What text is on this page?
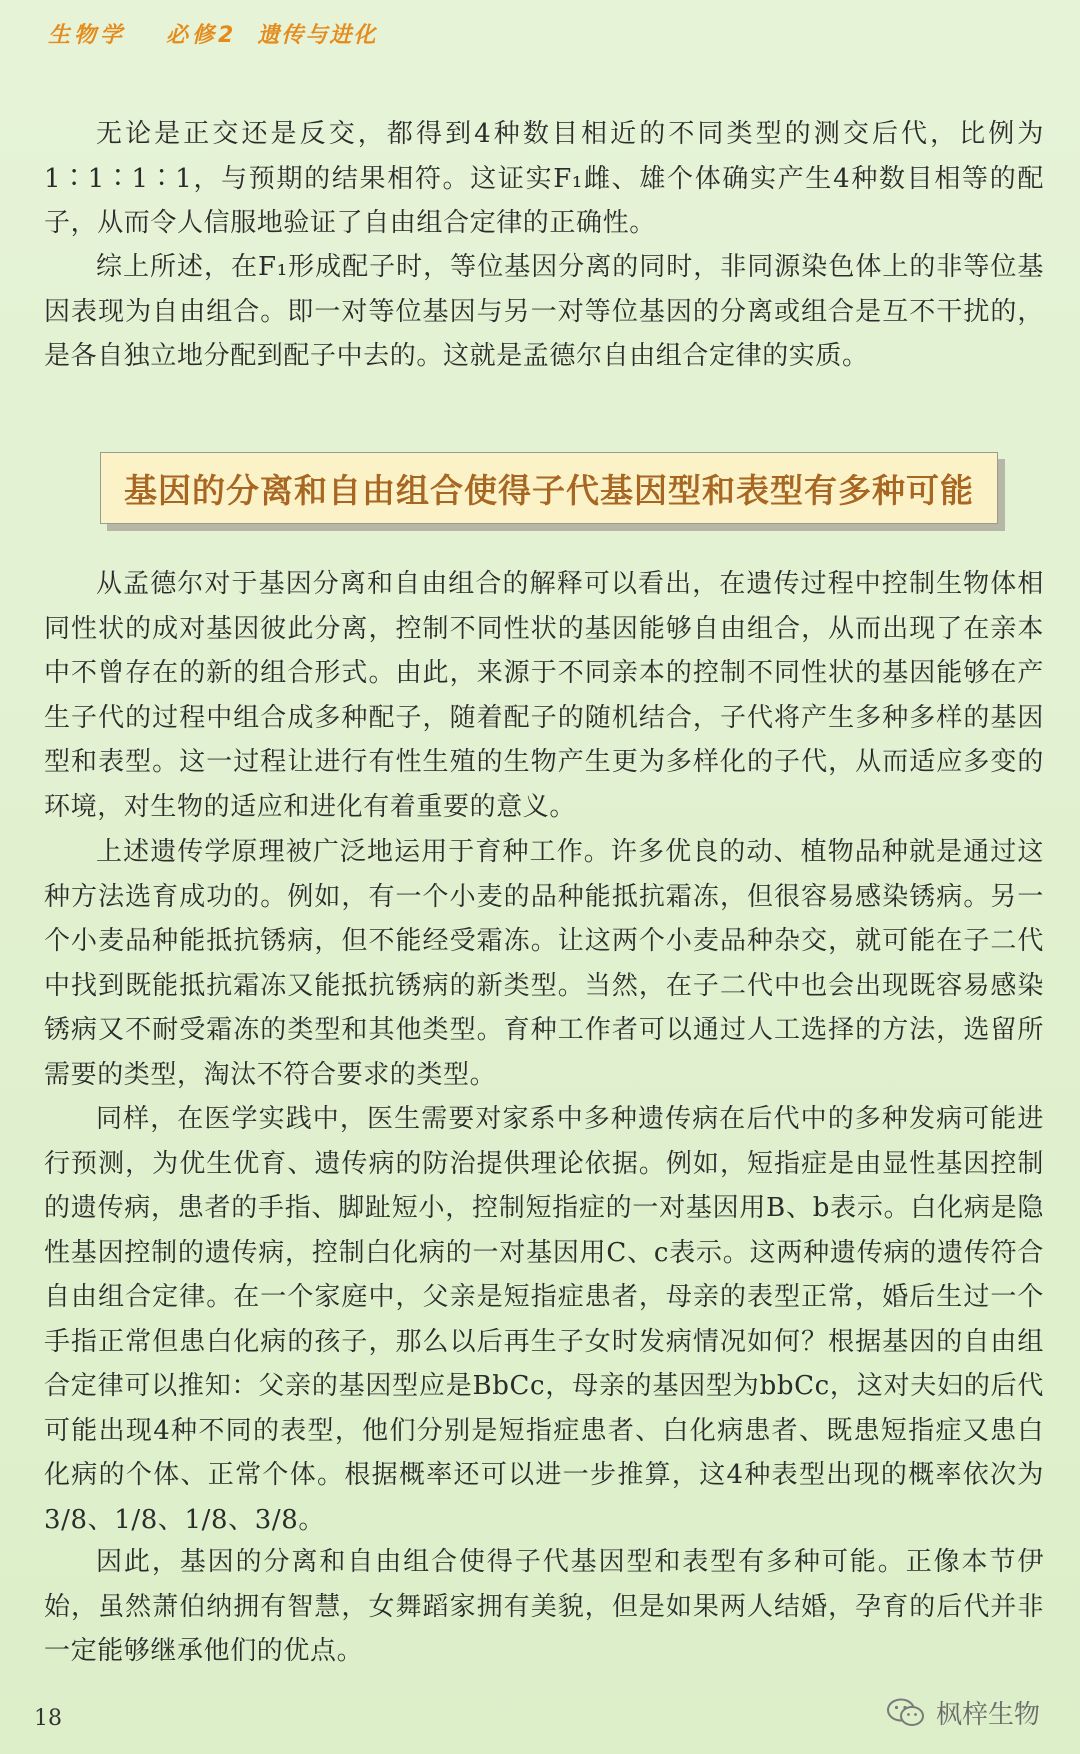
生物学 必修2 遗传与进化

无论是正交还是反交，都得到4种数目相近的不同类型的测交后代，比例为1∶1∶1∶1，与预期的结果相符。这证实F₁雌、雄个体确实产生4种数目相等的配子，从而令人信服地验证了自由组合定律的正确性。

综上所述，在F₁形成配子时，等位基因分离的同时，非同源染色体上的非等位基因表现为自由组合。即一对等位基因与另一对等位基因的分离或组合是互不干扰的，是各自独立地分配到配子中去的。这就是孟德尔自由组合定律的实质。

基因的分离和自由组合使得子代基因型和表型有多种可能

从孟德尔对于基因分离和自由组合的解释可以看出，在遗传过程中控制生物体相同性状的成对基因彼此分离，控制不同性状的基因能够自由组合，从而出现了在亲本中不曾存在的新的组合形式。由此，来源于不同亲本的控制不同性状的基因能够在产生子代的过程中组合成多种配子，随着配子的随机结合，子代将产生多种多样的基因型和表型。这一过程让进行有性生殖的生物产生更为多样化的子代，从而适应多变的环境，对生物的适应和进化有着重要的意义。

上述遗传学原理被广泛地运用于育种工作。许多优良的动、植物品种就是通过这种方法选育成功的。例如，有一个小麦的品种能抵抗霜冻，但很容易感染锈病。另一个小麦品种能抵抗锈病，但不能经受霜冻。让这两个小麦品种杂交，就可能在子二代中找到既能抵抗霜冻又能抵抗锈病的新类型。当然，在子二代中也会出现既容易感染锈病又不耐受霜冻的类型和其他类型。育种工作者可以通过人工选择的方法，选留所需要的类型，淘汰不符合要求的类型。

同样，在医学实践中，医生需要对家系中多种遗传病在后代中的多种发病可能进行预测，为优生优育、遗传病的防治提供理论依据。例如，短指症是由显性基因控制的遗传病，患者的手指、脚趾短小，控制短指症的一对基因用B、b表示。白化病是隐性基因控制的遗传病，控制白化病的一对基因用C、c表示。这两种遗传病的遗传符合自由组合定律。在一个家庭中，父亲是短指症患者，母亲的表型正常，婚后生过一个手指正常但患白化病的孩子，那么以后再生子女时发病情况如何？根据基因的自由组合定律可以推知：父亲的基因型应是BbCc，母亲的基因型为bbCc，这对夫妇的后代可能出现4种不同的表型，他们分别是短指症患者、白化病患者、既患短指症又患白化病的个体、正常个体。根据概率还可以进一步推算，这4种表型出现的概率依次为3/8、1/8、1/8、3/8。

因此，基因的分离和自由组合使得子代基因型和表型有多种可能。正像本节伊始，虽然萧伯纳拥有智慧，女舞蹈家拥有美貌，但是如果两人结婚，孕育的后代并非一定能够继承他们的优点。

18	枫梓生物
